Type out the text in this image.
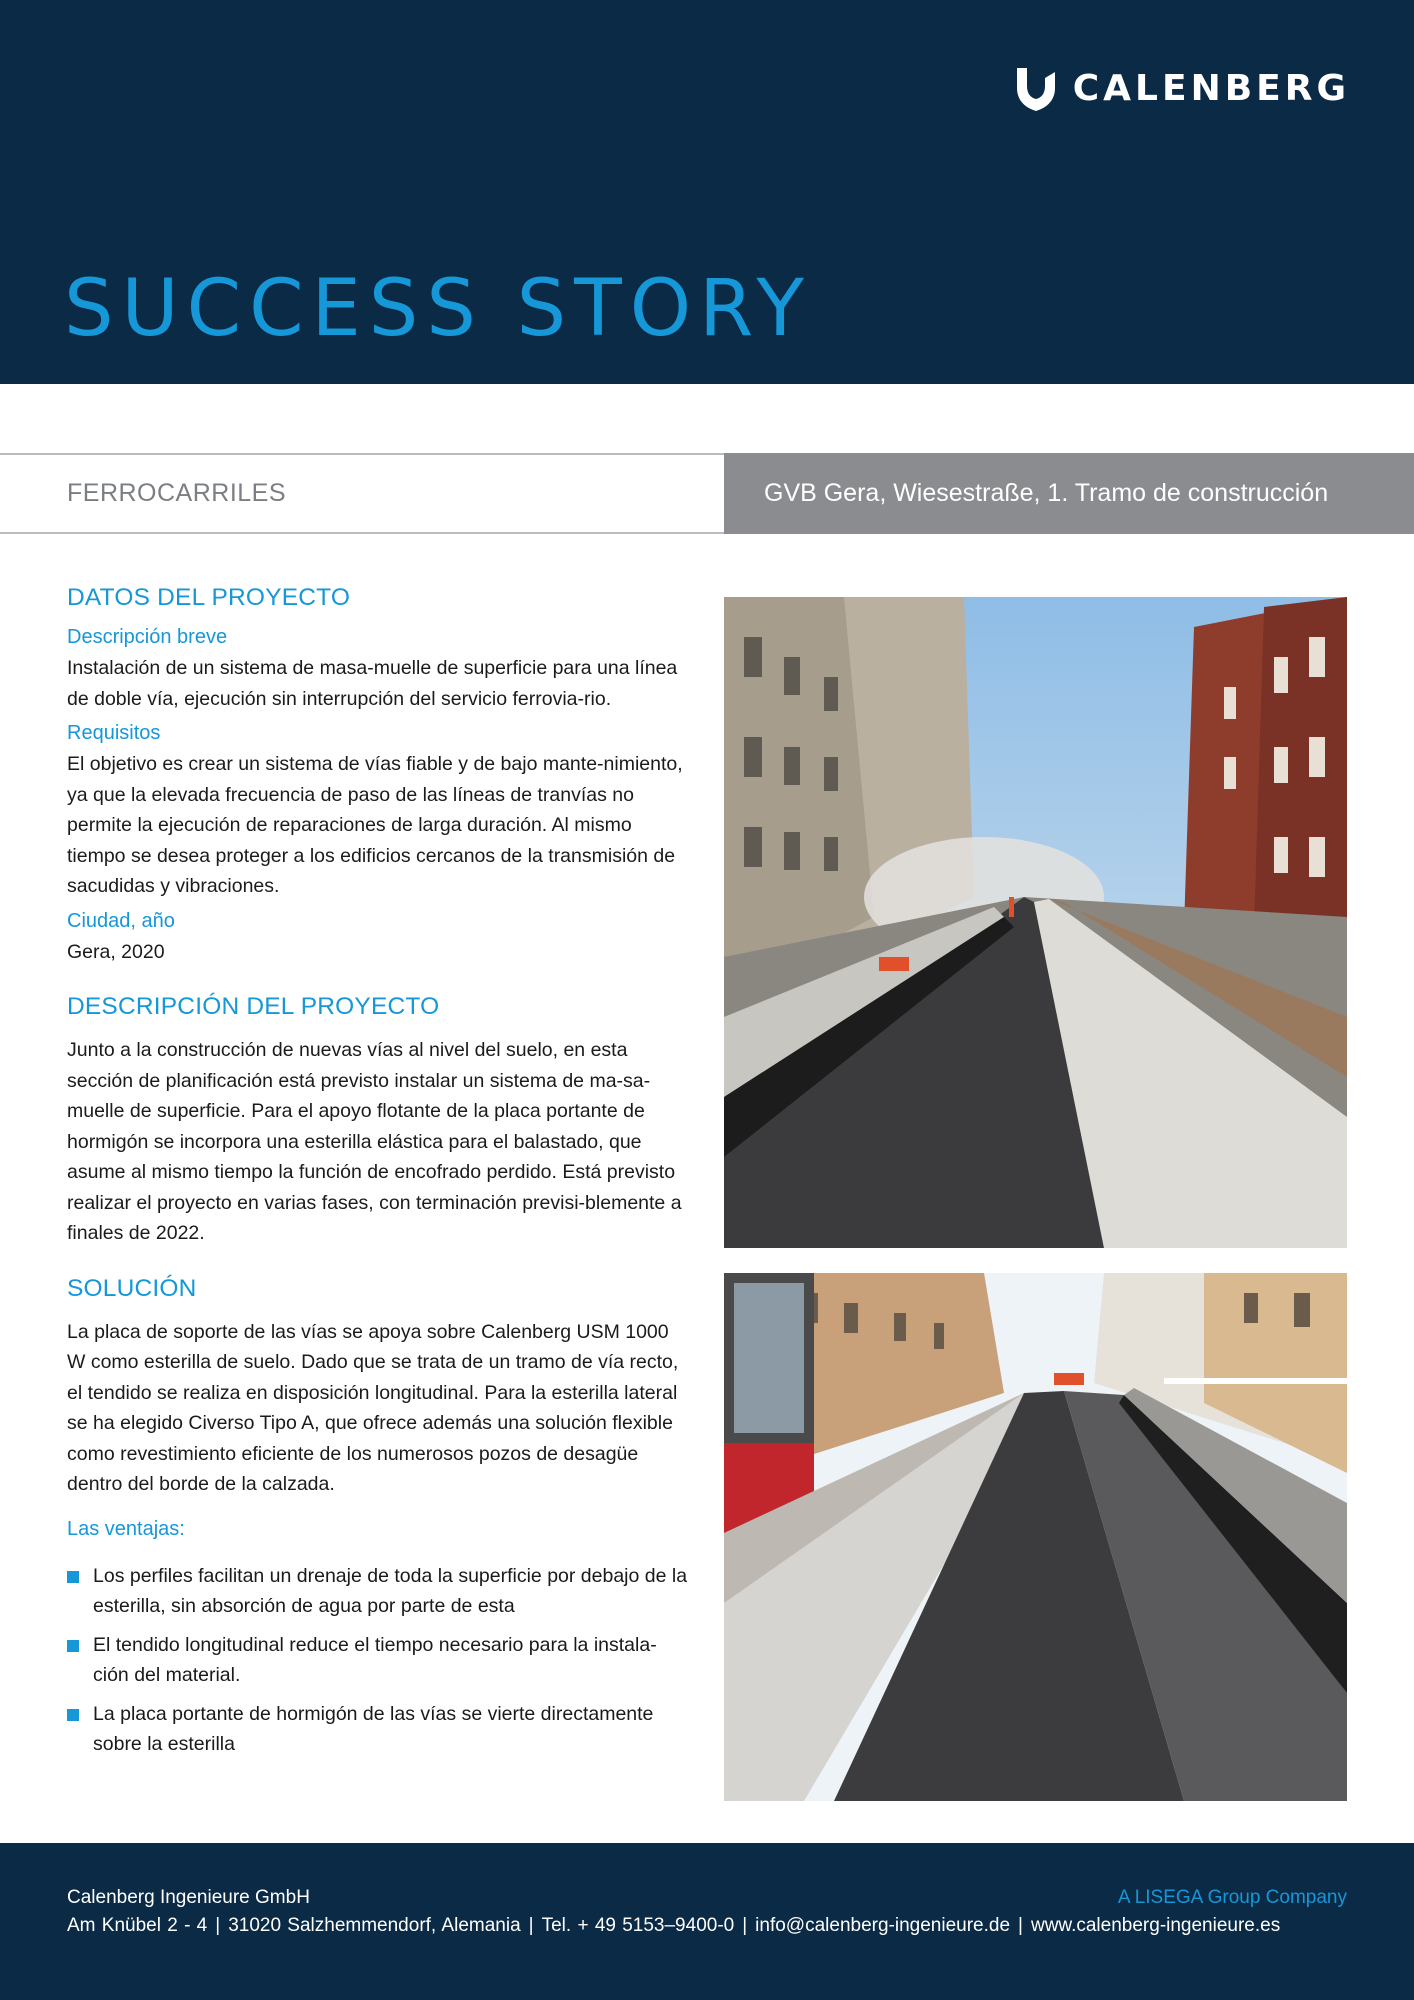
CALENBERG
SUCCESS STORY
FERROCARRILES	GVB Gera, Wiesestraße, 1. Tramo de construcción
DATOS DEL PROYECTO
Descripción breve

Instalación de un sistema de masa-muelle de superficie para una línea de doble vía, ejecución sin interrupción del servicio ferrovia-rio.

Requisitos

El objetivo es crear un sistema de vías fiable y de bajo mante-nimiento, ya que la elevada frecuencia de paso de las líneas de tranvías no permite la ejecución de reparaciones de larga duración. Al mismo tiempo se desea proteger a los edificios cercanos de la transmisión de sacudidas y vibraciones.

Ciudad, año

Gera, 2020

DESCRIPCIÓN DEL PROYECTO

Junto a la construcción de nuevas vías al nivel del suelo, en esta sección de planificación está previsto instalar un sistema de ma-sa-muelle de superficie. Para el apoyo flotante de la placa portante de hormigón se incorpora una esterilla elástica para el balastado, que asume al mismo tiempo la función de encofrado perdido. Está previsto realizar el proyecto en varias fases, con terminación previsi-blemente a finales de 2022.

SOLUCIÓN

La placa de soporte de las vías se apoya sobre Calenberg USM 1000 W como esterilla de suelo. Dado que se trata de un tramo de vía recto, el tendido se realiza en disposición longitudinal. Para la esterilla lateral se ha elegido Civerso Tipo A, que ofrece además una solución flexible como revestimiento eficiente de los numerosos pozos de desagüe dentro del borde de la calzada.

Las ventajas:
Los perfiles facilitan un drenaje de toda la superficie por debajo de la esterilla, sin absorción de agua por parte de esta
El tendido longitudinal reduce el tiempo necesario para la instala-ción del material.
La placa portante de hormigón de las vías se vierte directamente sobre la esterilla
Calenberg Ingenieure GmbH	A LISEGA Group Company
Am Knübel 2 - 4 | 31020 Salzhemmendorf, Alemania | Tel. + 49 5153–9400-0 | info@calenberg-ingenieure.de | www.calenberg-ingenieure.es
